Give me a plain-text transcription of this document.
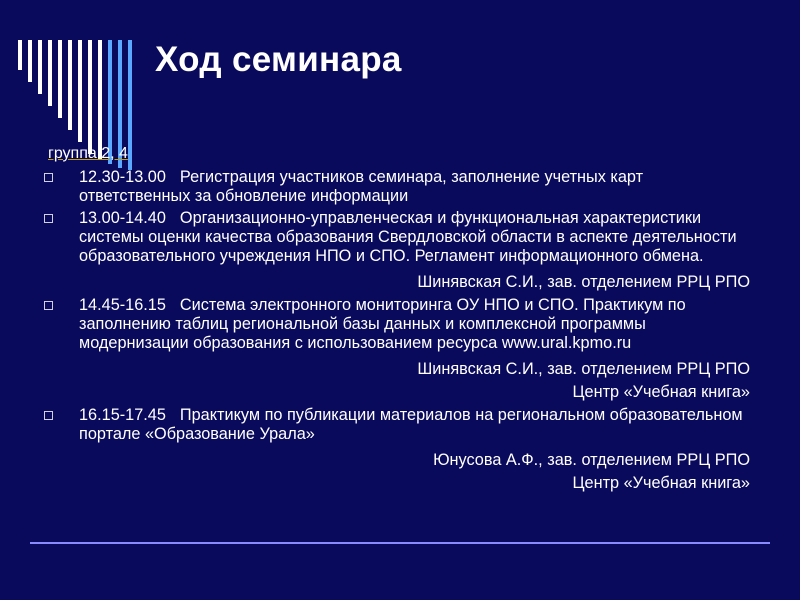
Ход семинара
группа 2, 4
12.30-13.00 Регистрация участников семинара, заполнение учетных карт ответственных за обновление информации
13.00-14.40 Организационно-управленческая и функциональная характеристики системы оценки качества образования Свердловской области в аспекте деятельности образовательного учреждения НПО и СПО. Регламент информационного обмена.
Шинявская С.И., зав. отделением РРЦ РПО
14.45-16.15 Система электронного мониторинга ОУ НПО и СПО. Практикум по заполнению таблиц региональной базы данных и комплексной программы модернизации образования с использованием ресурса www.ural.kpmo.ru
Шинявская С.И., зав. отделением РРЦ РПО
Центр «Учебная книга»
16.15-17.45 Практикум по публикации материалов на региональном образовательном портале «Образование Урала»
Юнусова А.Ф., зав. отделением РРЦ РПО
Центр «Учебная книга»
